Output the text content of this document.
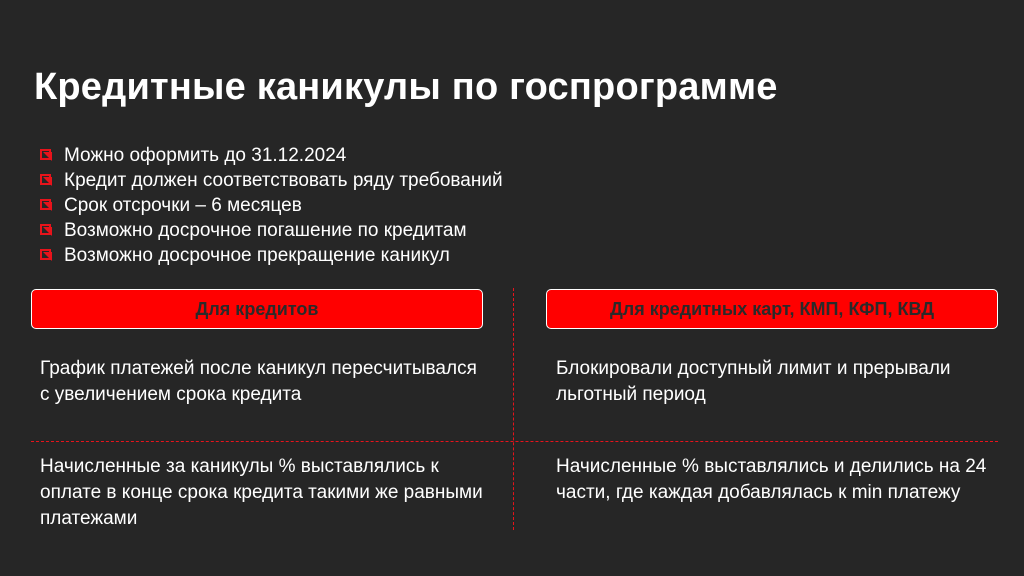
Кредитные каникулы по госпрограмме
Можно оформить до 31.12.2024
Кредит должен соответствовать ряду требований
Срок отсрочки – 6 месяцев
Возможно досрочное погашение по кредитам
Возможно досрочное прекращение каникул
Для кредитов	Для кредитных карт, КМП, КФП, КВД
График платежей после каникул пересчитывался с увеличением срока кредита
Блокировали доступный лимит и прерывали льготный период
Начисленные за каникулы % выставлялись к оплате в конце срока кредита такими же равными платежами
Начисленные % выставлялись и делились на 24 части, где каждая добавлялась к min платежу
